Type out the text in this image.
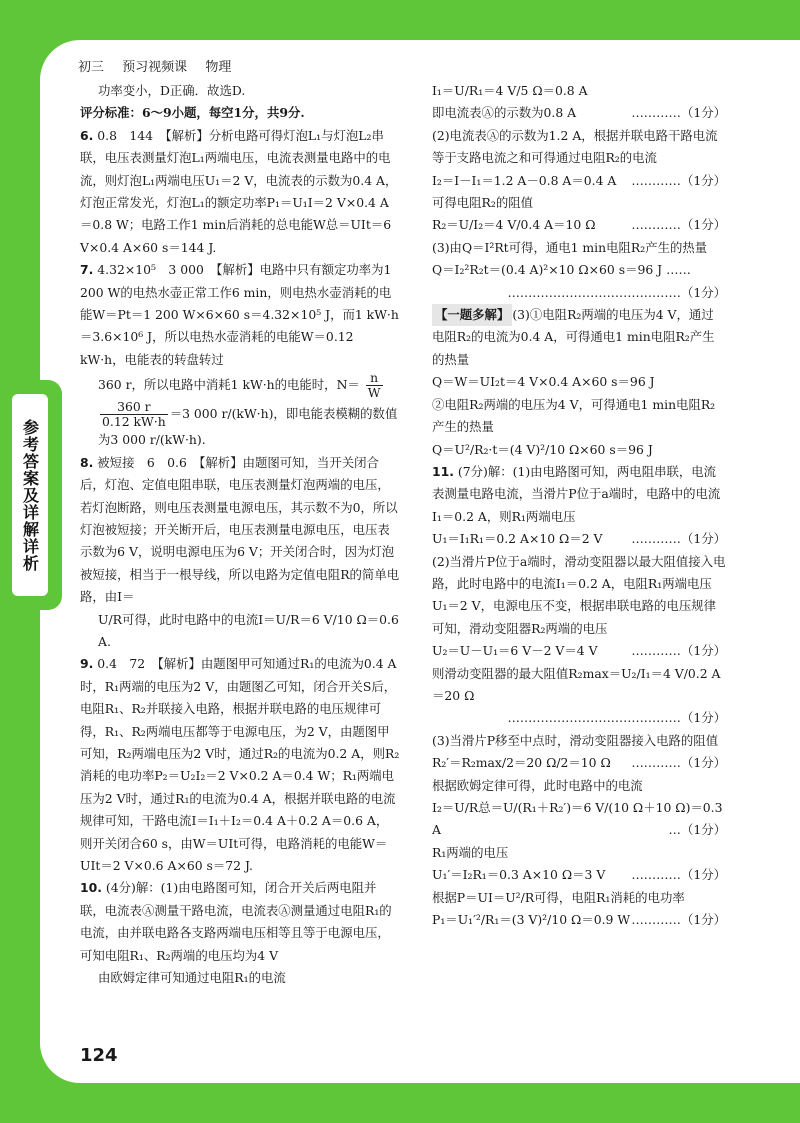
初三 预习视频课 物理
参考答案及详解详析

功率变小，D正确．故选D.

评分标准：6～9小题，每空1分，共9分.

6. 0.8　144　【解析】分析电路可得灯泡L₁与灯泡L₂串联，电压表测量灯泡L₁两端电压，电流表测量电路中的电流，则灯泡L₁两端电压U₁＝2 V，电流表的示数为0.4 A，灯泡正常发光，灯泡L₁的额定功率P₁＝U₁I＝2 V×0.4 A＝0.8 W；电路工作1 min后消耗的总电能W总＝UIt＝6 V×0.4 A×60 s＝144 J.

7. 4.32×10⁵　3 000　【解析】电路中只有额定功率为1 200 W的电热水壶正常工作6 min，则电热水壶消耗的电能W＝Pt＝1 200 W×6×60 s＝4.32×10⁵ J，而1 kW·h＝3.6×10⁶ J，所以电热水壶消耗的电能W＝0.12 kW·h，电能表的转盘转过

360 r，所以电路中消耗1 kW·h的电能时，$N= \frac{n}{W}$

$\frac{360 r}{0.12 kW\cdot h} =3$ 000 r/(kW·h)，即电能表模糊的数值为3 000 r/(kW·h).

8. 被短接　6　0.6　【解析】由题图可知，当开关闭合后，灯泡、定值电阻串联，电压表测量灯泡两端的电压，若灯泡断路，则电压表测量电源电压，其示数不为0，所以灯泡被短接；开关断开后，电压表测量电源电压，电压表示数为6 V，说明电源电压为6 V；开关闭合时，因为灯泡被短接，相当于一根导线，所以电路为定值电阻R的简单电路，由I＝

U/R可得，此时电路中的电流I＝U/R＝6 V/10 Ω＝0.6 A.

9. 0.4　72　【解析】由题图甲可知通过R₁的电流为0.4 A时，R₁两端的电压为2 V，由题图乙可知，闭合开关S后，电阻R₁、R₂并联接入电路，根据并联电路的电压规律可得，R₁、R₂两端电压都等于电源电压，为2 V，由题图甲可知，R₂两端电压为2 V时，通过R₂的电流为0.2 A，则R₂消耗的电功率P₂＝U₂I₂＝2 V×0.2 A＝0.4 W；R₁两端电压为2 V时，通过R₁的电流为0.4 A，根据并联电路的电流规律可知，干路电流I＝I₁＋I₂＝0.4 A＋0.2 A＝0.6 A，则开关闭合60 s，由W＝UIt可得，电路消耗的电能W＝UIt＝2 V×0.6 A×60 s＝72 J.

10. (4分)解：(1)由电路图可知，闭合开关后两电阻并联，电流表Ⓐ测量干路电流，电流表Ⓐ测量通过电阻R₁的电流，由并联电路各支路两端电压相等且等于电源电压，可知电阻R₁、R₂两端的电压均为4 V

由欧姆定律可知通过电阻R₁的电流

I₁＝U/R₁＝4 V/5 Ω＝0.8 A

即电流表Ⓐ的示数为0.8 A	…………（1分）

(2)电流表Ⓐ的示数为1.2 A，根据并联电路干路电流等于支路电流之和可得通过电阻R₂的电流

I₂＝I－I₁＝1.2 A－0.8 A＝0.4 A …………（1分）

可得电阻R₂的阻值

R₂＝U/I₂＝4 V/0.4 A＝10 Ω	…………（1分）

(3)由Q＝I²Rt可得，通电1 min电阻R₂产生的热量

Q＝I₂²R₂t＝(0.4 A)²×10 Ω×60 s＝96 J ……

……………………………………（1分）

【一题多解】 (3)①电阻R₂两端的电压为4 V，通过电阻R₂的电流为0.4 A，可得通电1 min电阻R₂产生的热量

Q＝W＝UI₂t＝4 V×0.4 A×60 s＝96 J

②电阻R₂两端的电压为4 V，可得通电1 min电阻R₂产生的热量

Q＝U²/R₂·t＝(4 V)²/10 Ω×60 s＝96 J

11. (7分)解：(1)由电路图可知，两电阻串联，电流表测量电路电流，当滑片P位于a端时，电路中的电流I₁＝0.2 A，则R₁两端电压

U₁＝I₁R₁＝0.2 A×10 Ω＝2 V …………（1分）

(2)当滑片P位于a端时，滑动变阻器以最大阻值接入电路，此时电路中的电流I₁＝0.2 A，电阻R₁两端电压U₁＝2 V，电源电压不变，根据串联电路的电压规律可知，滑动变阻器R₂两端的电压

U₂＝U－U₁＝6 V－2 V＝4 V	…………（1分）

则滑动变阻器的最大阻值R₂max＝U₂/I₁＝4 V/0.2 A＝20 Ω

……………………………………（1分）

(3)当滑片P移至中点时，滑动变阻器接入电路的阻值

R₂′＝R₂max/2＝20 Ω/2＝10 Ω …………（1分）

根据欧姆定律可得，此时电路中的电流

I₂＝U/R总＝U/(R₁＋R₂′)＝6 V/(10 Ω＋10 Ω)＝0.3 A	…（1分）

R₁两端的电压

U₁′＝I₂R₁＝0.3 A×10 Ω＝3 V …………（1分）

根据P＝UI＝U²/R可得，电阻R₁消耗的电功率

P₁＝U₁′²/R₁＝(3 V)²/10 Ω＝0.9 W …………（1分）

124
